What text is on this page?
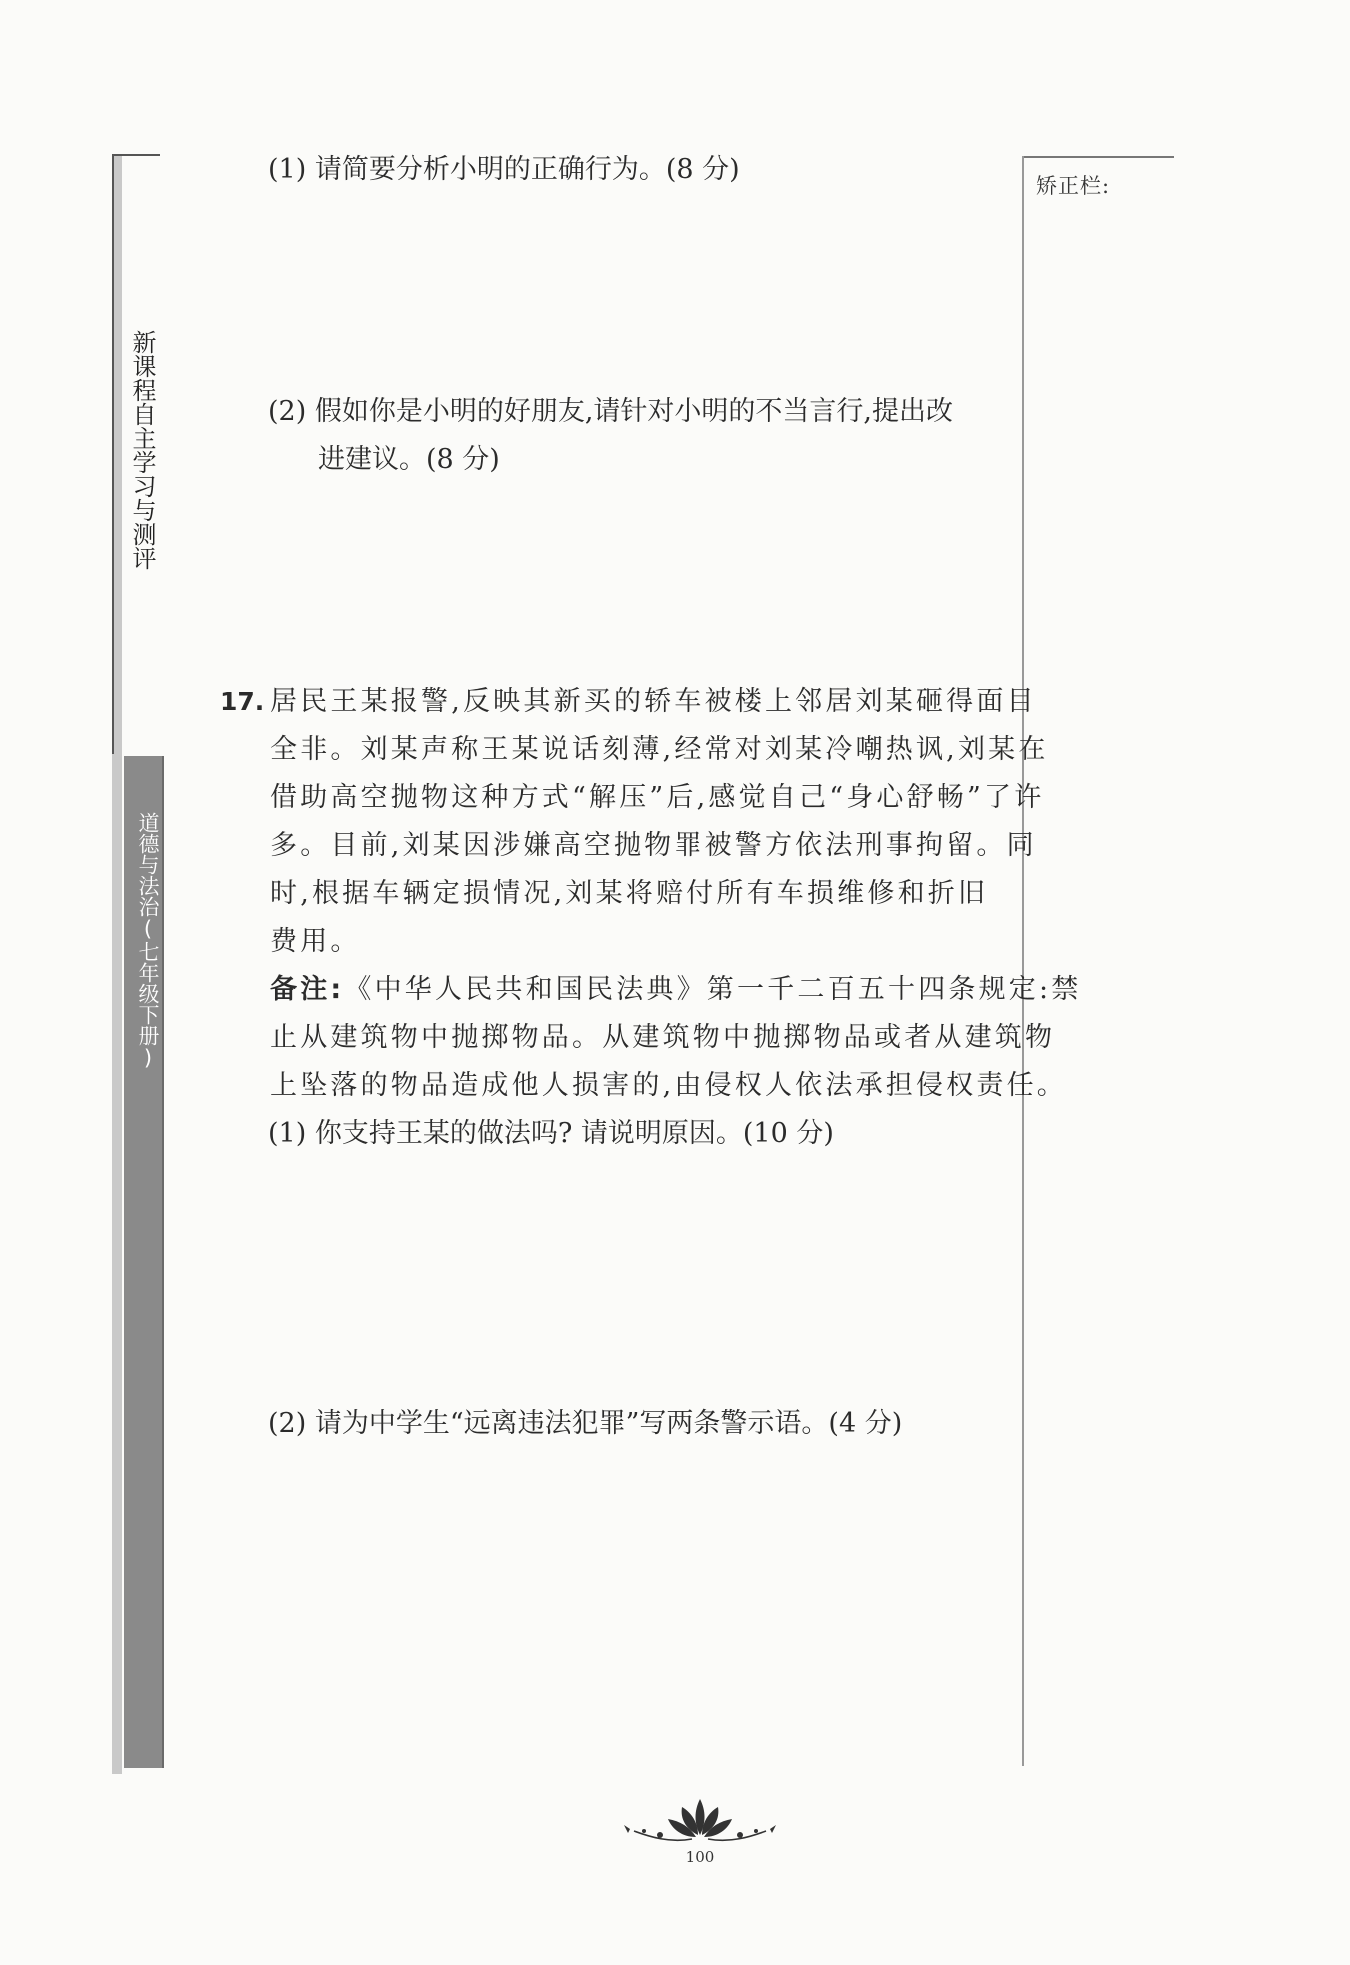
新课程自主学习与测评
道德与法治(七年级下册)
矫正栏:
(1) 请简要分析小明的正确行为。(8 分)
(2) 假如你是小明的好朋友,请针对小明的不当言行,提出改
进建议。(8 分)
17. 居民王某报警,反映其新买的轿车被楼上邻居刘某砸得面目
全非。刘某声称王某说话刻薄,经常对刘某冷嘲热讽,刘某在
借助高空抛物这种方式“解压”后,感觉自己“身心舒畅”了许
多。目前,刘某因涉嫌高空抛物罪被警方依法刑事拘留。同
时,根据车辆定损情况,刘某将赔付所有车损维修和折旧
费用。
备注:《中华人民共和国民法典》第一千二百五十四条规定:禁
止从建筑物中抛掷物品。从建筑物中抛掷物品或者从建筑物
上坠落的物品造成他人损害的,由侵权人依法承担侵权责任。
(1) 你支持王某的做法吗? 请说明原因。(10 分)
(2) 请为中学生“远离违法犯罪”写两条警示语。(4 分)
100
